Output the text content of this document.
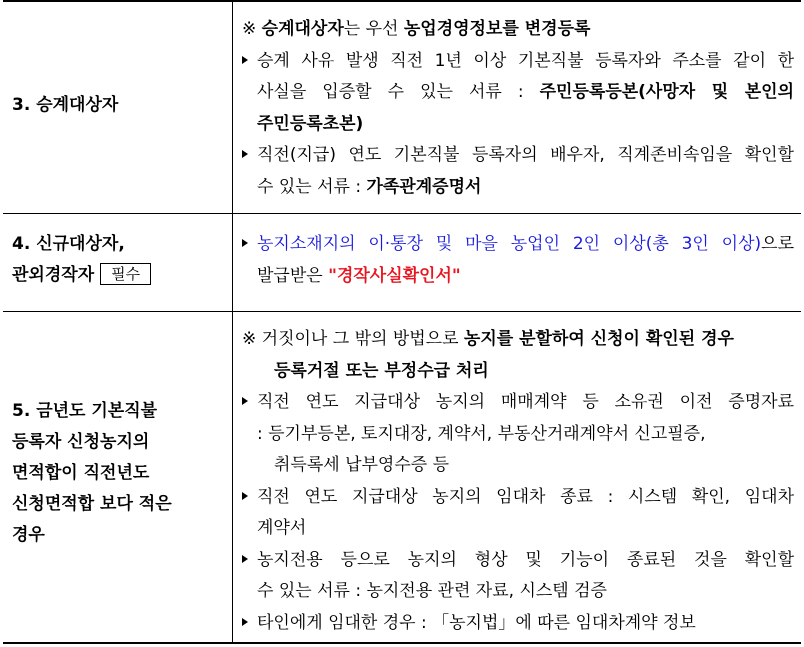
3. 승계대상자
※ 승계대상자는 우선 농업경영정보를 변경등록
승계 사유 발생 직전 1년 이상 기본직불 등록자와 주소를 같이 한
사실을 입증할 수 있는 서류 : 주민등록등본(사망자 및 본인의
주민등록초본)
직전(지급) 연도 기본직불 등록자의 배우자, 직계존비속임을 확인할
수 있는 서류 : 가족관계증명서
4. 신규대상자,
관외경작자 필수
농지소재지의 이·통장 및 마을 농업인 2인 이상(총 3인 이상)으로
발급받은 "경작사실확인서"
5. 금년도 기본직불
등록자 신청농지의
면적합이 직전년도
신청면적합 보다 적은
경우
※ 거짓이나 그 밖의 방법으로 농지를 분할하여 신청이 확인된 경우
등록거절 또는 부정수급 처리
직전 연도 지급대상 농지의 매매계약 등 소유권 이전 증명자료
: 등기부등본, 토지대장, 계약서, 부동산거래계약서 신고필증,
취득록세 납부영수증 등
직전 연도 지급대상 농지의 임대차 종료 : 시스템 확인, 임대차
계약서
농지전용 등으로 농지의 형상 및 기능이 종료된 것을 확인할
수 있는 서류 : 농지전용 관련 자료, 시스템 검증
타인에게 임대한 경우 : 「농지법」에 따른 임대차계약 정보
